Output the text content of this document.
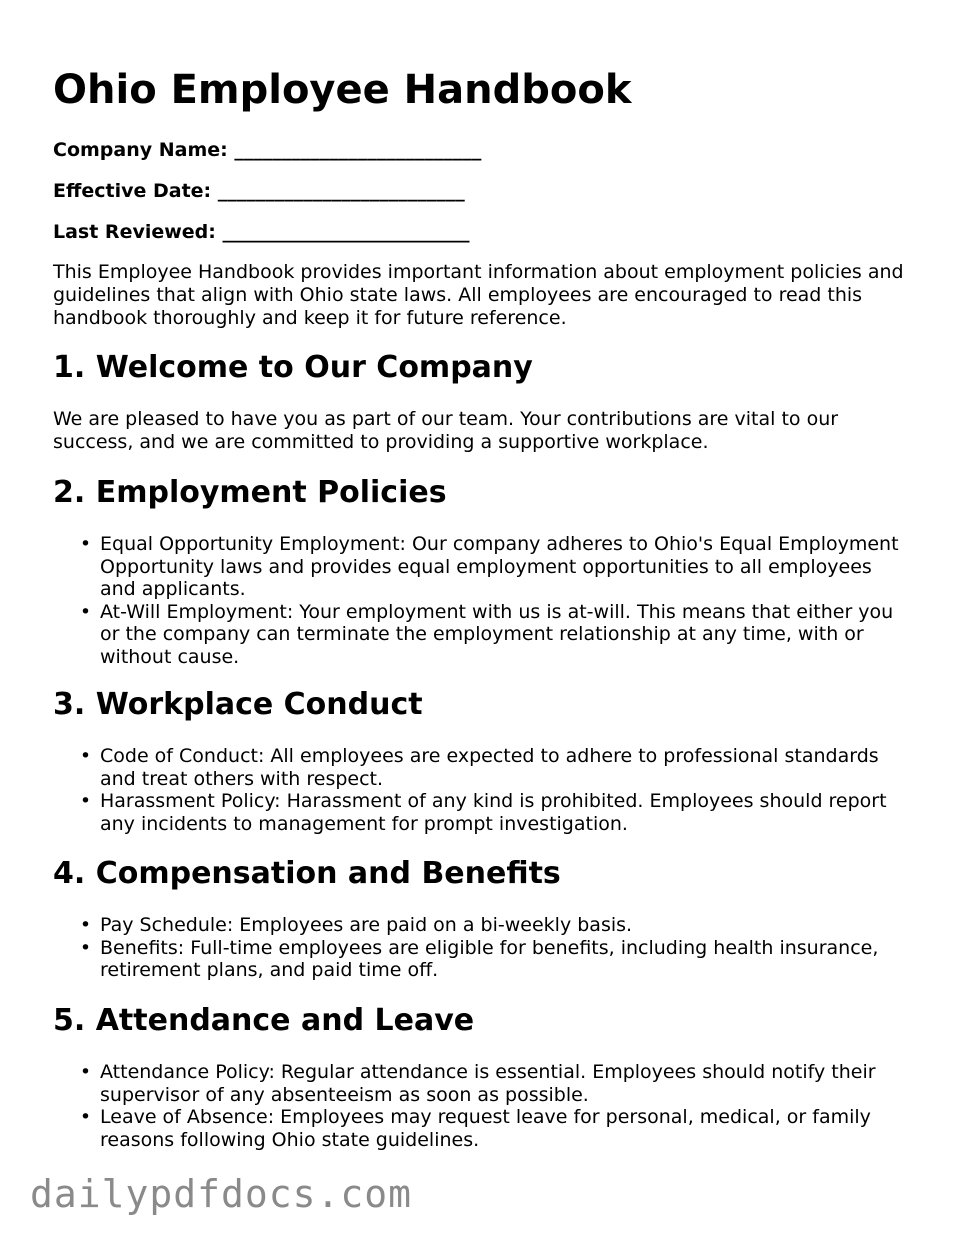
Ohio Employee Handbook

Company Name: __________________________

Effective Date: __________________________

Last Reviewed: __________________________

This Employee Handbook provides important information about employment policies and guidelines that align with Ohio state laws. All employees are encouraged to read this handbook thoroughly and keep it for future reference.

1. Welcome to Our Company

We are pleased to have you as part of our team. Your contributions are vital to our success, and we are committed to providing a supportive workplace.

2. Employment Policies
• Equal Opportunity Employment: Our company adheres to Ohio's Equal Employment Opportunity laws and provides equal employment opportunities to all employees and applicants.
• At-Will Employment: Your employment with us is at-will. This means that either you or the company can terminate the employment relationship at any time, with or without cause.
3. Workplace Conduct
• Code of Conduct: All employees are expected to adhere to professional standards and treat others with respect.
• Harassment Policy: Harassment of any kind is prohibited. Employees should report any incidents to management for prompt investigation.
4. Compensation and Benefits
• Pay Schedule: Employees are paid on a bi-weekly basis.
• Benefits: Full-time employees are eligible for benefits, including health insurance, retirement plans, and paid time off.
5. Attendance and Leave
• Attendance Policy: Regular attendance is essential. Employees should notify their supervisor of any absenteeism as soon as possible.
• Leave of Absence: Employees may request leave for personal, medical, or family reasons following Ohio state guidelines.
dailypdfdocs.com
